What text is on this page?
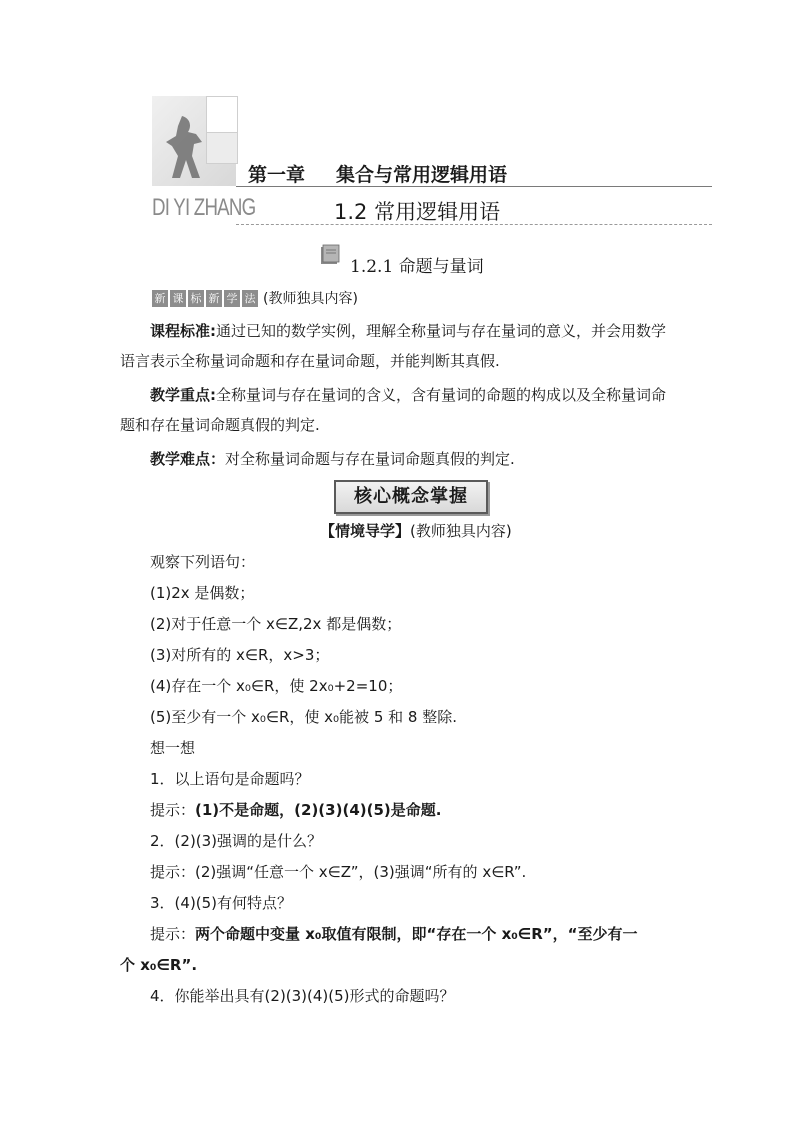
DI YI ZHANG
第一章 集合与常用逻辑用语
1.2 常用逻辑用语
1.2.1 命题与量词
新 课 标 新 学 法 (教师独具内容)
课程标准:通过已知的数学实例，理解全称量词与存在量词的意义，并会用数学语言表示全称量词命题和存在量词命题，并能判断其真假.
教学重点:全称量词与存在量词的含义，含有量词的命题的构成以及全称量词命题和存在量词命题真假的判定.
教学难点：对全称量词命题与存在量词命题真假的判定.
核心概念掌握
【情境导学】(教师独具内容)
观察下列语句：
(1)2x 是偶数；
(2)对于任意一个 x∈Z,2x 都是偶数；
(3)对所有的 x∈R，x>3；
(4)存在一个 x₀∈R，使 2x₀+2=10；
(5)至少有一个 x₀∈R，使 x₀能被 5 和 8 整除.
想一想
1．以上语句是命题吗？
提示：(1)不是命题，(2)(3)(4)(5)是命题.
2．(2)(3)强调的是什么？
提示：(2)强调“任意一个 x∈Z”，(3)强调“所有的 x∈R”.
3．(4)(5)有何特点？
提示：两个命题中变量 x₀取值有限制，即“存在一个 x₀∈R”，“至少有一
个 x₀∈R”.
4．你能举出具有(2)(3)(4)(5)形式的命题吗？
